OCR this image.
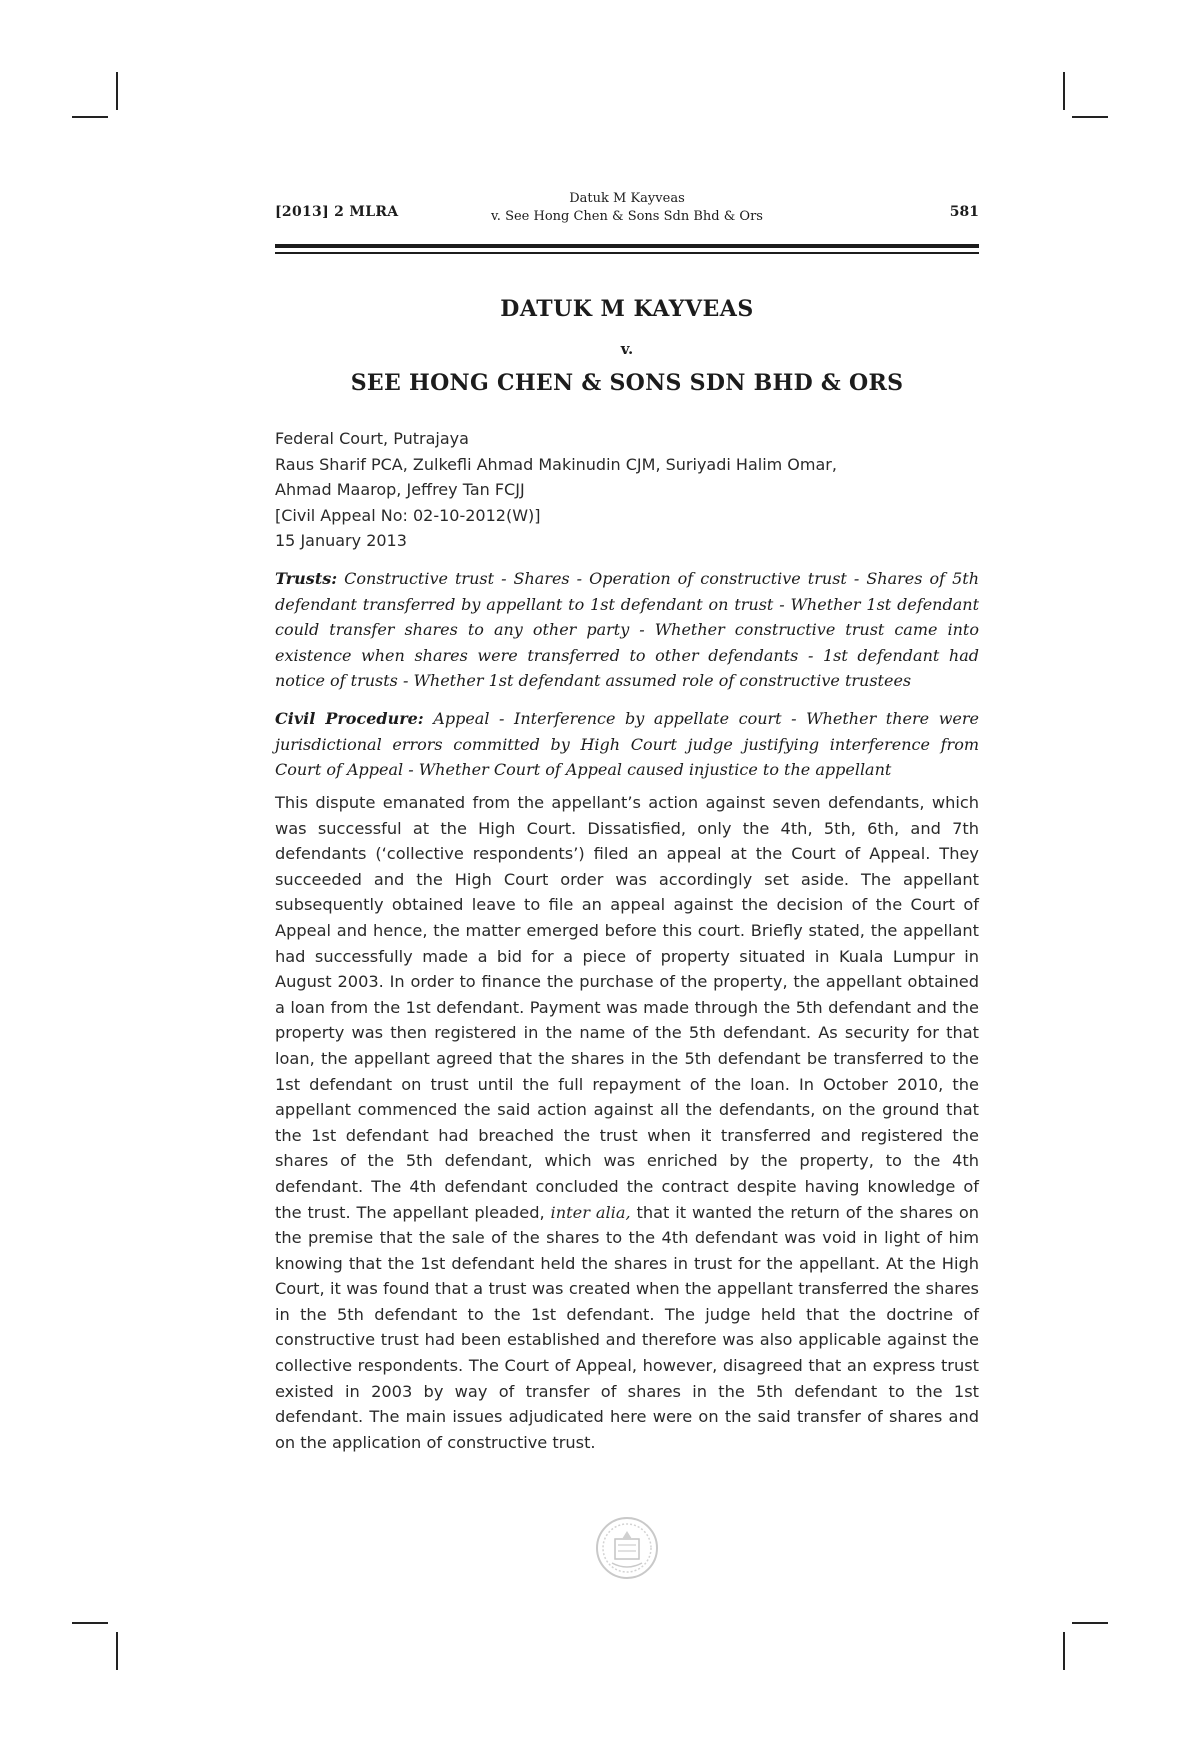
[2013] 2 MLRA
Datuk M Kayveas
v. See Hong Chen & Sons Sdn Bhd & Ors	581
DATUK M KAYVEAS
v.
SEE HONG CHEN & SONS SDN BHD & ORS
Federal Court, Putrajaya
Raus Sharif PCA, Zulkefli Ahmad Makinudin CJM, Suriyadi Halim Omar,
Ahmad Maarop, Jeffrey Tan FCJJ
[Civil Appeal No: 02-10-2012(W)]
15 January 2013
Trusts: Constructive trust - Shares - Operation of constructive trust - Shares of 5th defendant transferred by appellant to 1st defendant on trust - Whether 1st defendant could transfer shares to any other party - Whether constructive trust came into existence when shares were transferred to other defendants - 1st defendant had notice of trusts - Whether 1st defendant assumed role of constructive trustees
Civil Procedure: Appeal - Interference by appellate court - Whether there were jurisdictional errors committed by High Court judge justifying interference from Court of Appeal - Whether Court of Appeal caused injustice to the appellant
This dispute emanated from the appellant’s action against seven defendants, which was successful at the High Court. Dissatisfied, only the 4th, 5th, 6th, and 7th defendants (‘collective respondents’) filed an appeal at the Court of Appeal. They succeeded and the High Court order was accordingly set aside. The appellant subsequently obtained leave to file an appeal against the decision of the Court of Appeal and hence, the matter emerged before this court. Briefly stated, the appellant had successfully made a bid for a piece of property situated in Kuala Lumpur in August 2003. In order to finance the purchase of the property, the appellant obtained a loan from the 1st defendant. Payment was made through the 5th defendant and the property was then registered in the name of the 5th defendant. As security for that loan, the appellant agreed that the shares in the 5th defendant be transferred to the 1st defendant on trust until the full repayment of the loan. In October 2010, the appellant commenced the said action against all the defendants, on the ground that the 1st defendant had breached the trust when it transferred and registered the shares of the 5th defendant, which was enriched by the property, to the 4th defendant. The 4th defendant concluded the contract despite having knowledge of the trust. The appellant pleaded, inter alia, that it wanted the return of the shares on the premise that the sale of the shares to the 4th defendant was void in light of him knowing that the 1st defendant held the shares in trust for the appellant. At the High Court, it was found that a trust was created when the appellant transferred the shares in the 5th defendant to the 1st defendant. The judge held that the doctrine of constructive trust had been established and therefore was also applicable against the collective respondents. The Court of Appeal, however, disagreed that an express trust existed in 2003 by way of transfer of shares in the 5th defendant to the 1st defendant. The main issues adjudicated here were on the said transfer of shares and on the application of constructive trust.
